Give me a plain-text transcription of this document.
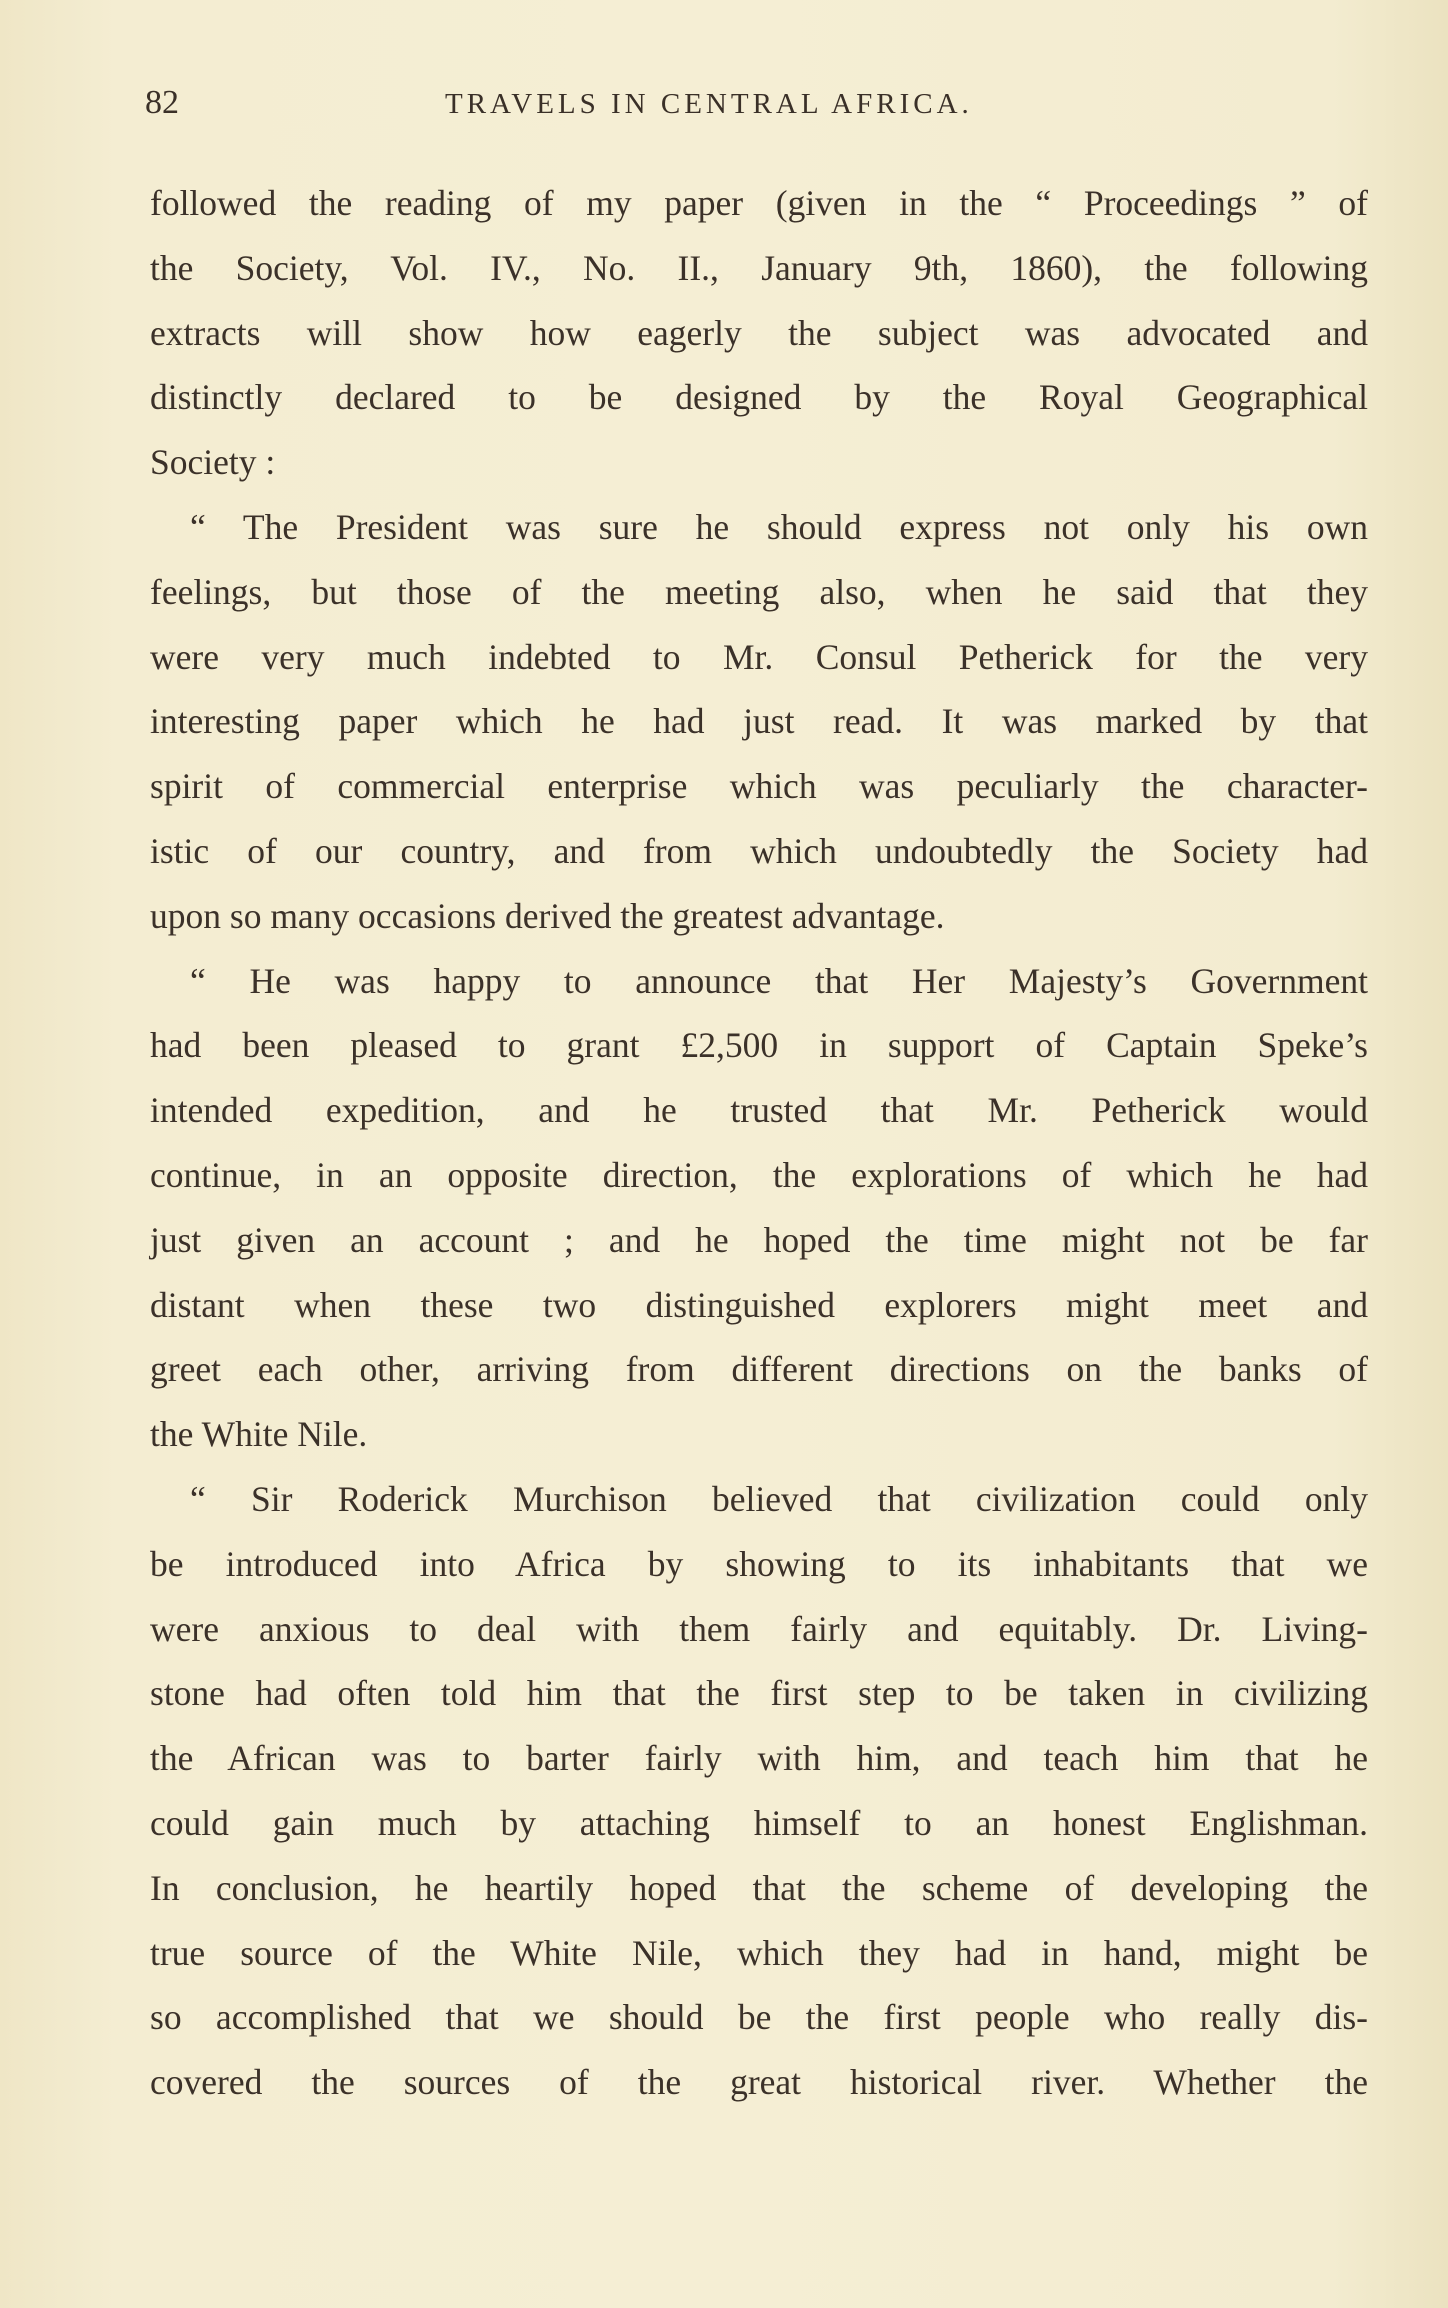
82	TRAVELS IN CENTRAL AFRICA.
followed the reading of my paper (given in the “ Proceedings ” of
the Society, Vol. IV., No. II., January 9th, 1860), the following
extracts will show how eagerly the subject was advocated and
distinctly declared to be designed by the Royal Geographical
Society :
“ The President was sure he should express not only his own
feelings, but those of the meeting also, when he said that they
were very much indebted to Mr. Consul Petherick for the very
interesting paper which he had just read. It was marked by that
spirit of commercial enterprise which was peculiarly the character-
istic of our country, and from which undoubtedly the Society had
upon so many occasions derived the greatest advantage.
“ He was happy to announce that Her Majesty’s Government
had been pleased to grant £2,500 in support of Captain Speke’s
intended expedition, and he trusted that Mr. Petherick would
continue, in an opposite direction, the explorations of which he had
just given an account ; and he hoped the time might not be far
distant when these two distinguished explorers might meet and
greet each other, arriving from different directions on the banks of
the White Nile.
“ Sir Roderick Murchison believed that civilization could only
be introduced into Africa by showing to its inhabitants that we
were anxious to deal with them fairly and equitably. Dr. Living-
stone had often told him that the first step to be taken in civilizing
the African was to barter fairly with him, and teach him that he
could gain much by attaching himself to an honest Englishman.
In conclusion, he heartily hoped that the scheme of developing the
true source of the White Nile, which they had in hand, might be
so accomplished that we should be the first people who really dis-
covered the sources of the great historical river. Whether the
